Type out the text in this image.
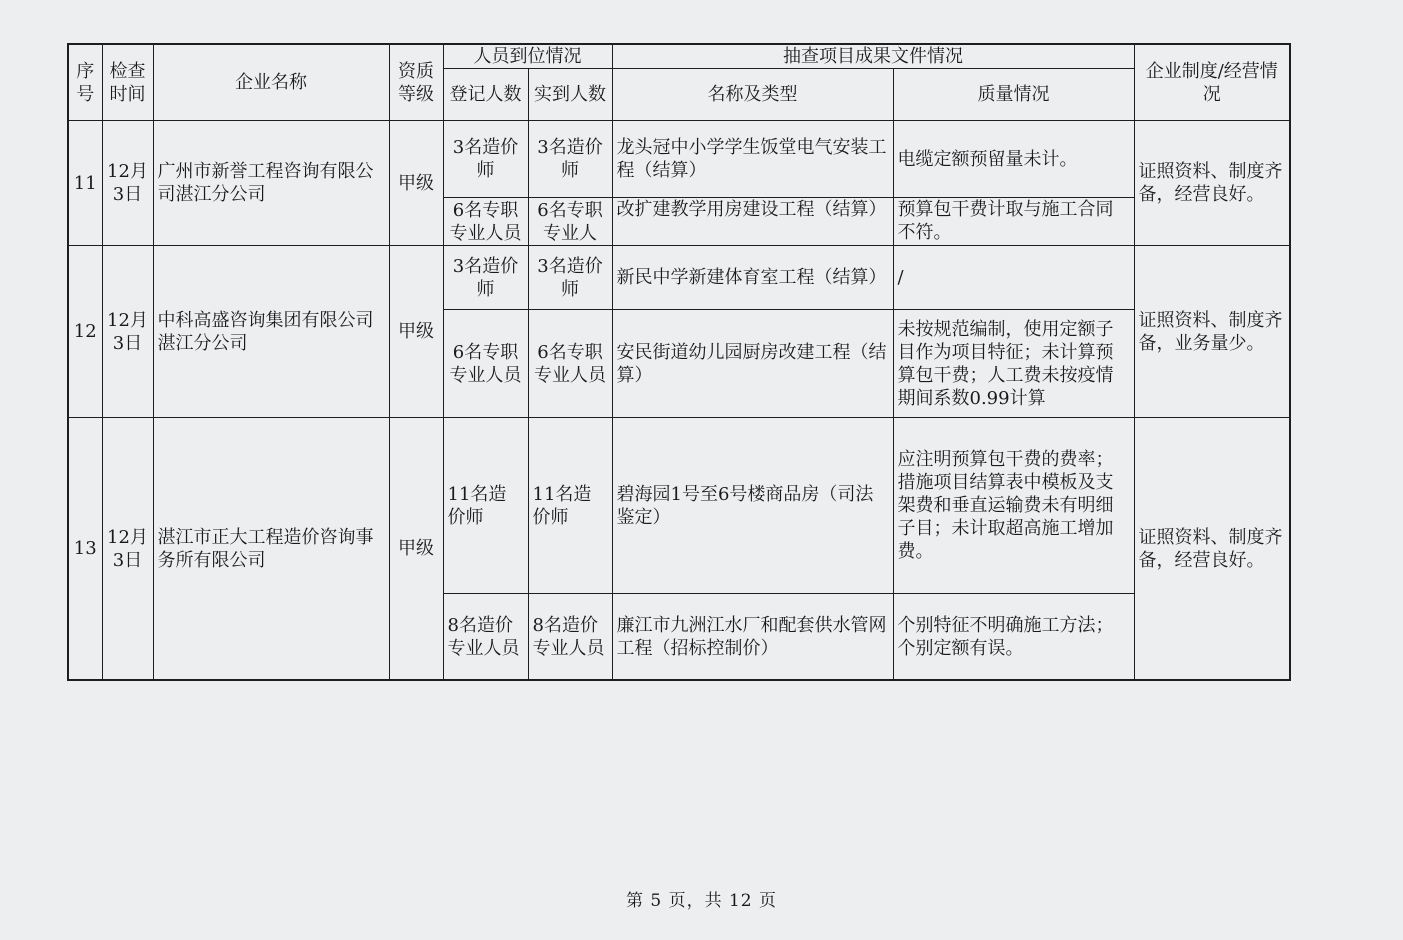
序号	检查时间	企业名称	资质等级	人员到位情况		抽查项目成果文件情况		企业制度/经营情况
				登记人数	实到人数	名称及类型	质量情况	
11	12月3日	广州市新誉工程咨询有限公司湛江分公司	甲级	3名造价师	3名造价师	龙头冠中小学学生饭堂电气安装工程（结算）	电缆定额预留量未计。	证照资料、制度齐备，经营良好。
				6名专职专业人员	6名专职专业人	改扩建教学用房建设工程（结算）	预算包干费计取与施工合同不符。	
12	12月3日	中科高盛咨询集团有限公司湛江分公司	甲级	3名造价师	3名造价师	新民中学新建体育室工程（结算）	/	证照资料、制度齐备，业务量少。
				6名专职专业人员	6名专职专业人员	安民街道幼儿园厨房改建工程（结算）	未按规范编制，使用定额子目作为项目特征；未计算预算包干费；人工费未按疫情期间系数0.99计算	
13	12月3日	湛江市正大工程造价咨询事务所有限公司	甲级	11名造价师	11名造价师	碧海园1号至6号楼商品房（司法鉴定）	应注明预算包干费的费率；措施项目结算表中模板及支架费和垂直运输费未有明细子目；未计取超高施工增加费。	证照资料、制度齐备，经营良好。
				8名造价专业人员	8名造价专业人员	廉江市九洲江水厂和配套供水管网工程（招标控制价）	个别特征不明确施工方法；个别定额有误。	
第 5 页，共 12 页
